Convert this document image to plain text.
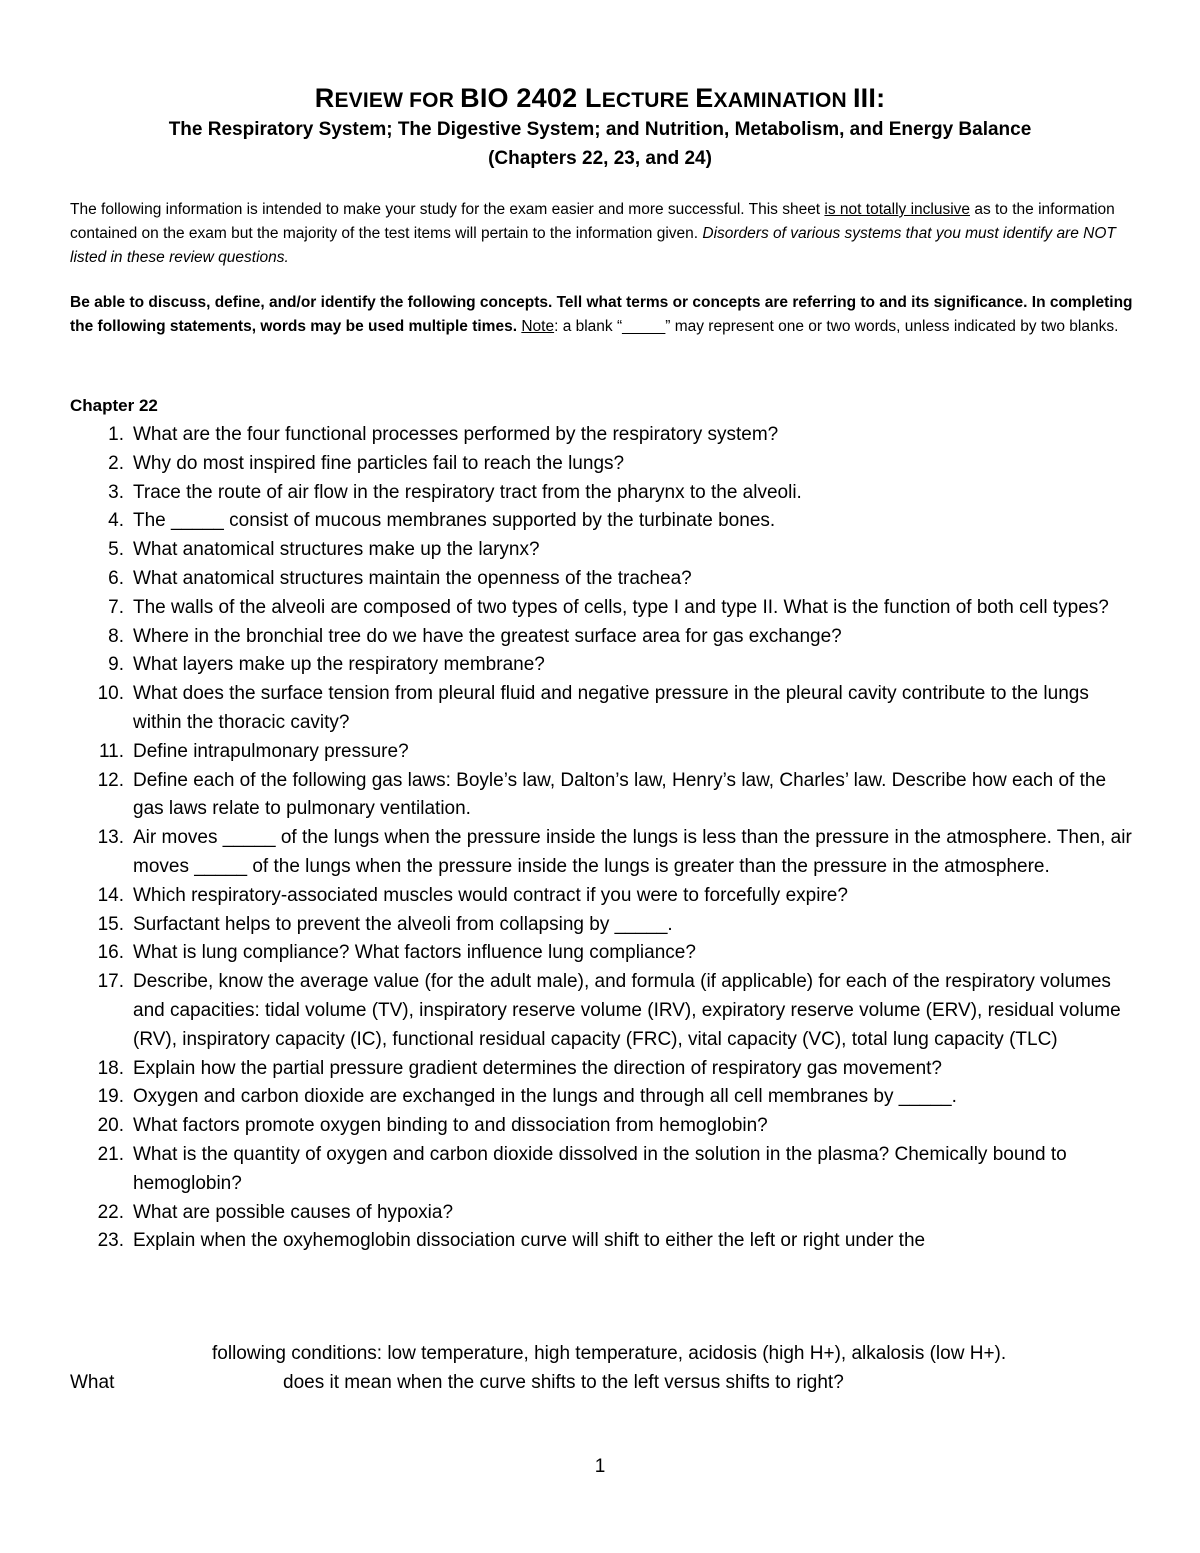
REVIEW FOR BIO 2402 LECTURE EXAMINATION III:
The Respiratory System; The Digestive System; and Nutrition, Metabolism, and Energy Balance
(Chapters 22, 23, and 24)
The following information is intended to make your study for the exam easier and more successful. This sheet is not totally inclusive as to the information contained on the exam but the majority of the test items will pertain to the information given. Disorders of various systems that you must identify are NOT listed in these review questions.
Be able to discuss, define, and/or identify the following concepts. Tell what terms or concepts are referring to and its significance. In completing the following statements, words may be used multiple times. Note: a blank “_____” may represent one or two words, unless indicated by two blanks.
Chapter 22
1. What are the four functional processes performed by the respiratory system?
2. Why do most inspired fine particles fail to reach the lungs?
3. Trace the route of air flow in the respiratory tract from the pharynx to the alveoli.
4. The _____ consist of mucous membranes supported by the turbinate bones.
5. What anatomical structures make up the larynx?
6. What anatomical structures maintain the openness of the trachea?
7. The walls of the alveoli are composed of two types of cells, type I and type II. What is the function of both cell types?
8. Where in the bronchial tree do we have the greatest surface area for gas exchange?
9. What layers make up the respiratory membrane?
10. What does the surface tension from pleural fluid and negative pressure in the pleural cavity contribute to the lungs within the thoracic cavity?
11. Define intrapulmonary pressure?
12. Define each of the following gas laws: Boyle’s law, Dalton’s law, Henry’s law, Charles’ law. Describe how each of the gas laws relate to pulmonary ventilation.
13. Air moves _____ of the lungs when the pressure inside the lungs is less than the pressure in the atmosphere. Then, air moves _____ of the lungs when the pressure inside the lungs is greater than the pressure in the atmosphere.
14. Which respiratory-associated muscles would contract if you were to forcefully expire?
15. Surfactant helps to prevent the alveoli from collapsing by _____.
16. What is lung compliance? What factors influence lung compliance?
17. Describe, know the average value (for the adult male), and formula (if applicable) for each of the respiratory volumes and capacities: tidal volume (TV), inspiratory reserve volume (IRV), expiratory reserve volume (ERV), residual volume (RV), inspiratory capacity (IC), functional residual capacity (FRC), vital capacity (VC), total lung capacity (TLC)
18. Explain how the partial pressure gradient determines the direction of respiratory gas movement?
19. Oxygen and carbon dioxide are exchanged in the lungs and through all cell membranes by _____.
20. What factors promote oxygen binding to and dissociation from hemoglobin?
21. What is the quantity of oxygen and carbon dioxide dissolved in the solution in the plasma? Chemically bound to hemoglobin?
22. What are possible causes of hypoxia?
23. Explain when the oxyhemoglobin dissociation curve will shift to either the left or right under the
following conditions: low temperature, high temperature, acidosis (high H+), alkalosis (low H+).
What	does it mean when the curve shifts to the left versus shifts to right?
1
